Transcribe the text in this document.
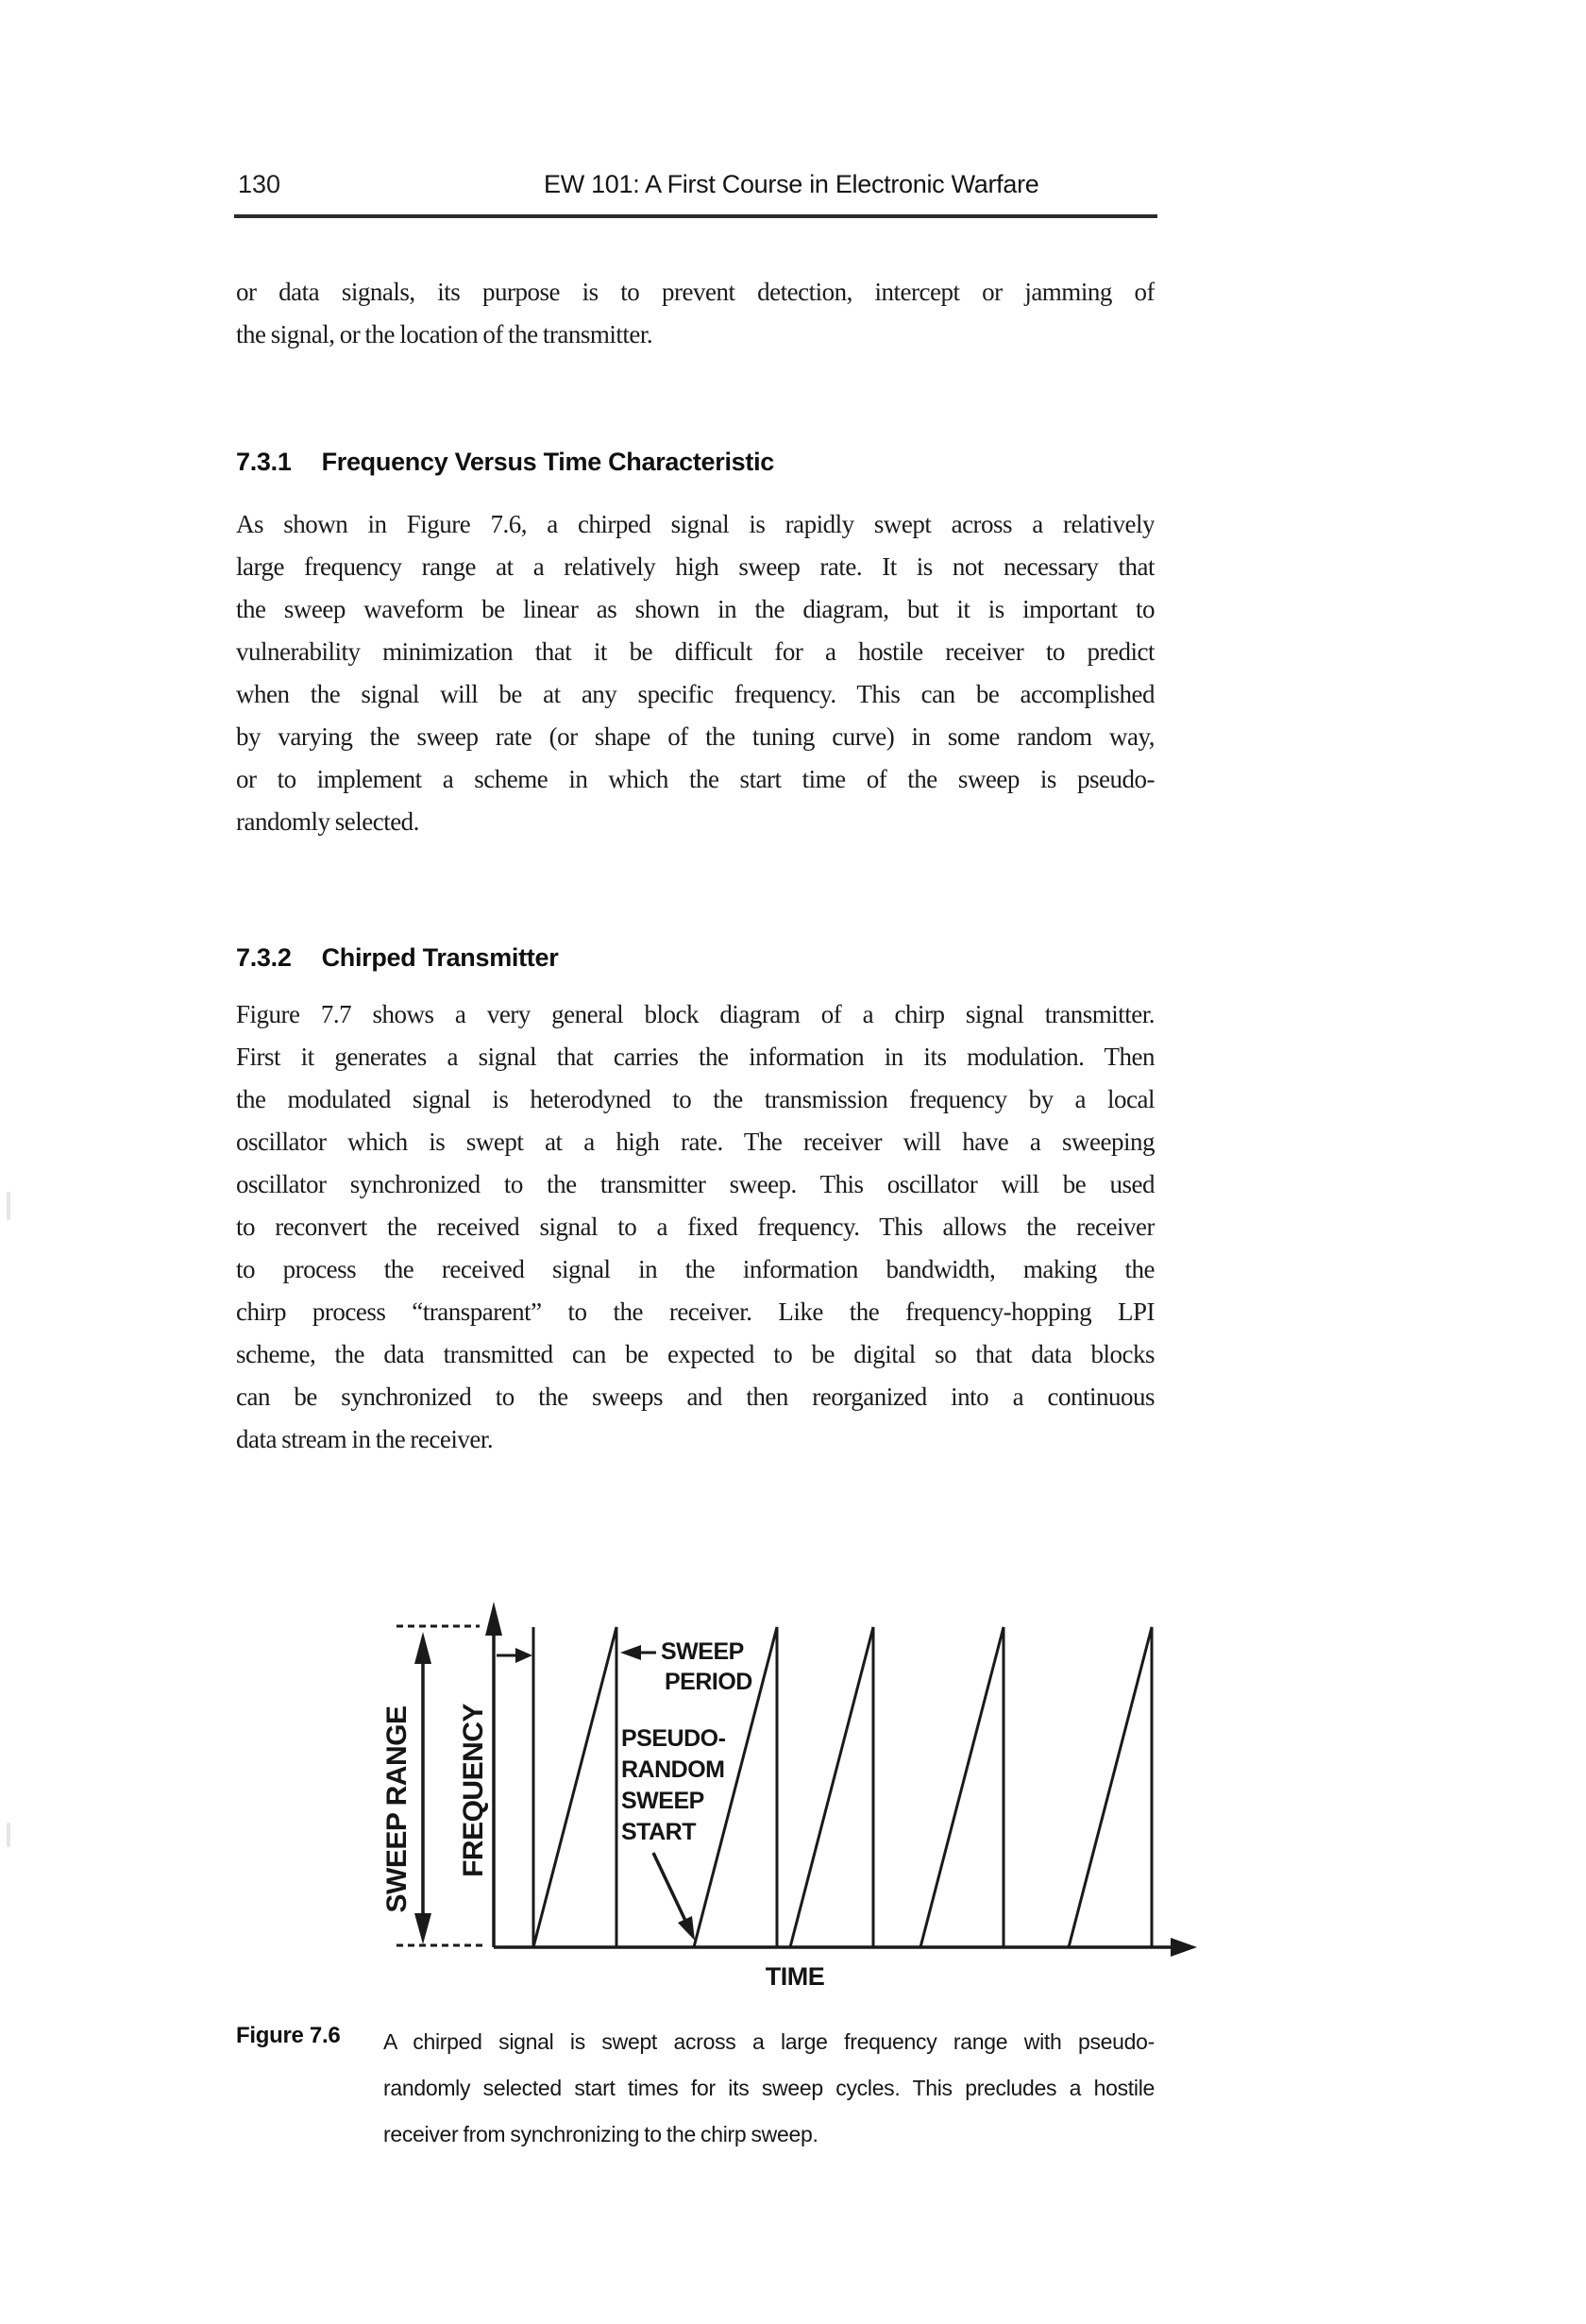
130	EW 101: A First Course in Electronic Warfare
or data signals, its purpose is to prevent detection, intercept or jamming of
the signal, or the location of the transmitter.
7.3.1 Frequency Versus Time Characteristic
As shown in Figure 7.6, a chirped signal is rapidly swept across a relatively
large frequency range at a relatively high sweep rate. It is not necessary that
the sweep waveform be linear as shown in the diagram, but it is important to
vulnerability minimization that it be difficult for a hostile receiver to predict
when the signal will be at any specific frequency. This can be accomplished
by varying the sweep rate (or shape of the tuning curve) in some random way,
or to implement a scheme in which the start time of the sweep is pseudo-
randomly selected.
7.3.2 Chirped Transmitter
Figure 7.7 shows a very general block diagram of a chirp signal transmitter.
First it generates a signal that carries the information in its modulation. Then
the modulated signal is heterodyned to the transmission frequency by a local
oscillator which is swept at a high rate. The receiver will have a sweeping
oscillator synchronized to the transmitter sweep. This oscillator will be used
to reconvert the received signal to a fixed frequency. This allows the receiver
to process the received signal in the information bandwidth, making the
chirp process “transparent” to the receiver. Like the frequency-hopping LPI
scheme, the data transmitted can be expected to be digital so that data blocks
can be synchronized to the sweeps and then reorganized into a continuous
data stream in the receiver.
SWEEP RANGE FREQUENCY
TIME
SWEEP
PERIOD
PSEUDO-
RANDOM
SWEEP
START
Figure 7.6 A chirped signal is swept across a large frequency range with pseudo-
randomly selected start times for its sweep cycles. This precludes a hostile
receiver from synchronizing to the chirp sweep.
